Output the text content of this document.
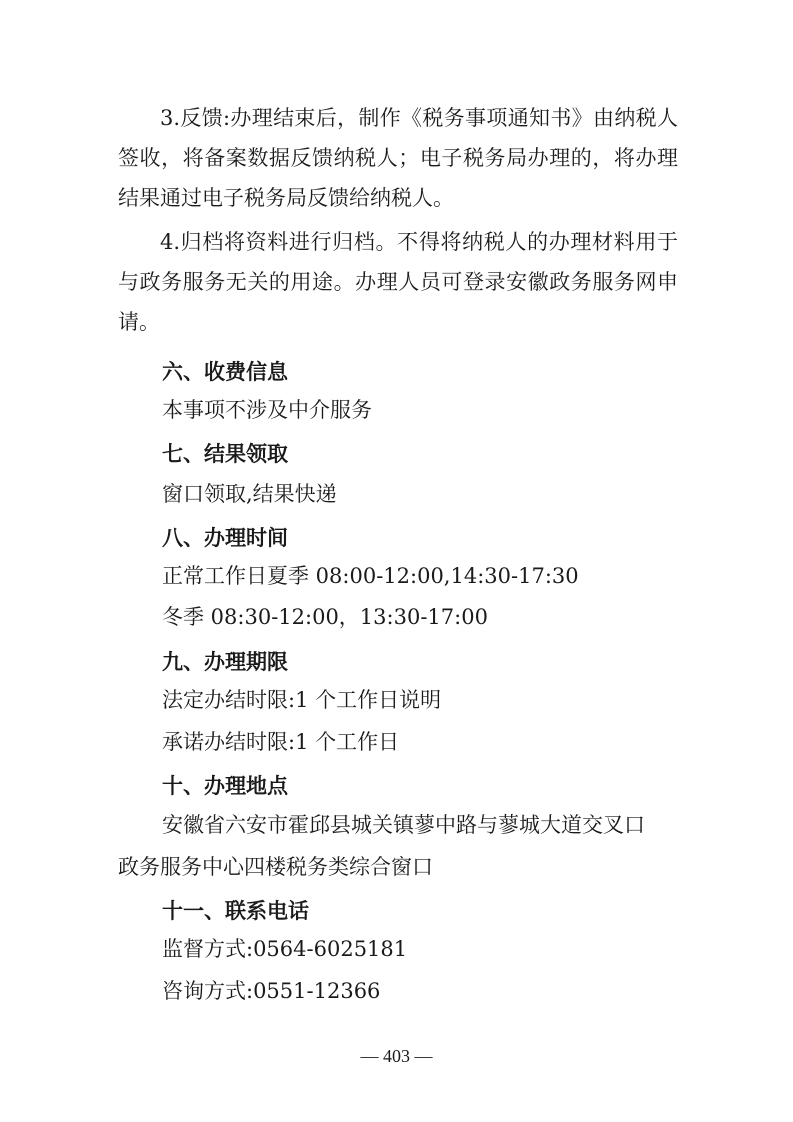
3.反馈:办理结束后，制作《税务事项通知书》由纳税人签收，将备案数据反馈纳税人；电子税务局办理的，将办理结果通过电子税务局反馈给纳税人。

4.归档将资料进行归档。不得将纳税人的办理材料用于与政务服务无关的用途。办理人员可登录安徽政务服务网申请。

六、收费信息
本事项不涉及中介服务
七、结果领取
窗口领取,结果快递
八、办理时间
正常工作日夏季 08:00-12:00,14:30-17:30
冬季 08:30-12:00，13:30-17:00
九、办理期限
法定办结时限:1 个工作日说明
承诺办结时限:1 个工作日
十、办理地点
安徽省六安市霍邱县城关镇蓼中路与蓼城大道交叉口
政务服务中心四楼税务类综合窗口
十一、联系电话
监督方式:0564-6025181
咨询方式:0551-12366
— 403 —
